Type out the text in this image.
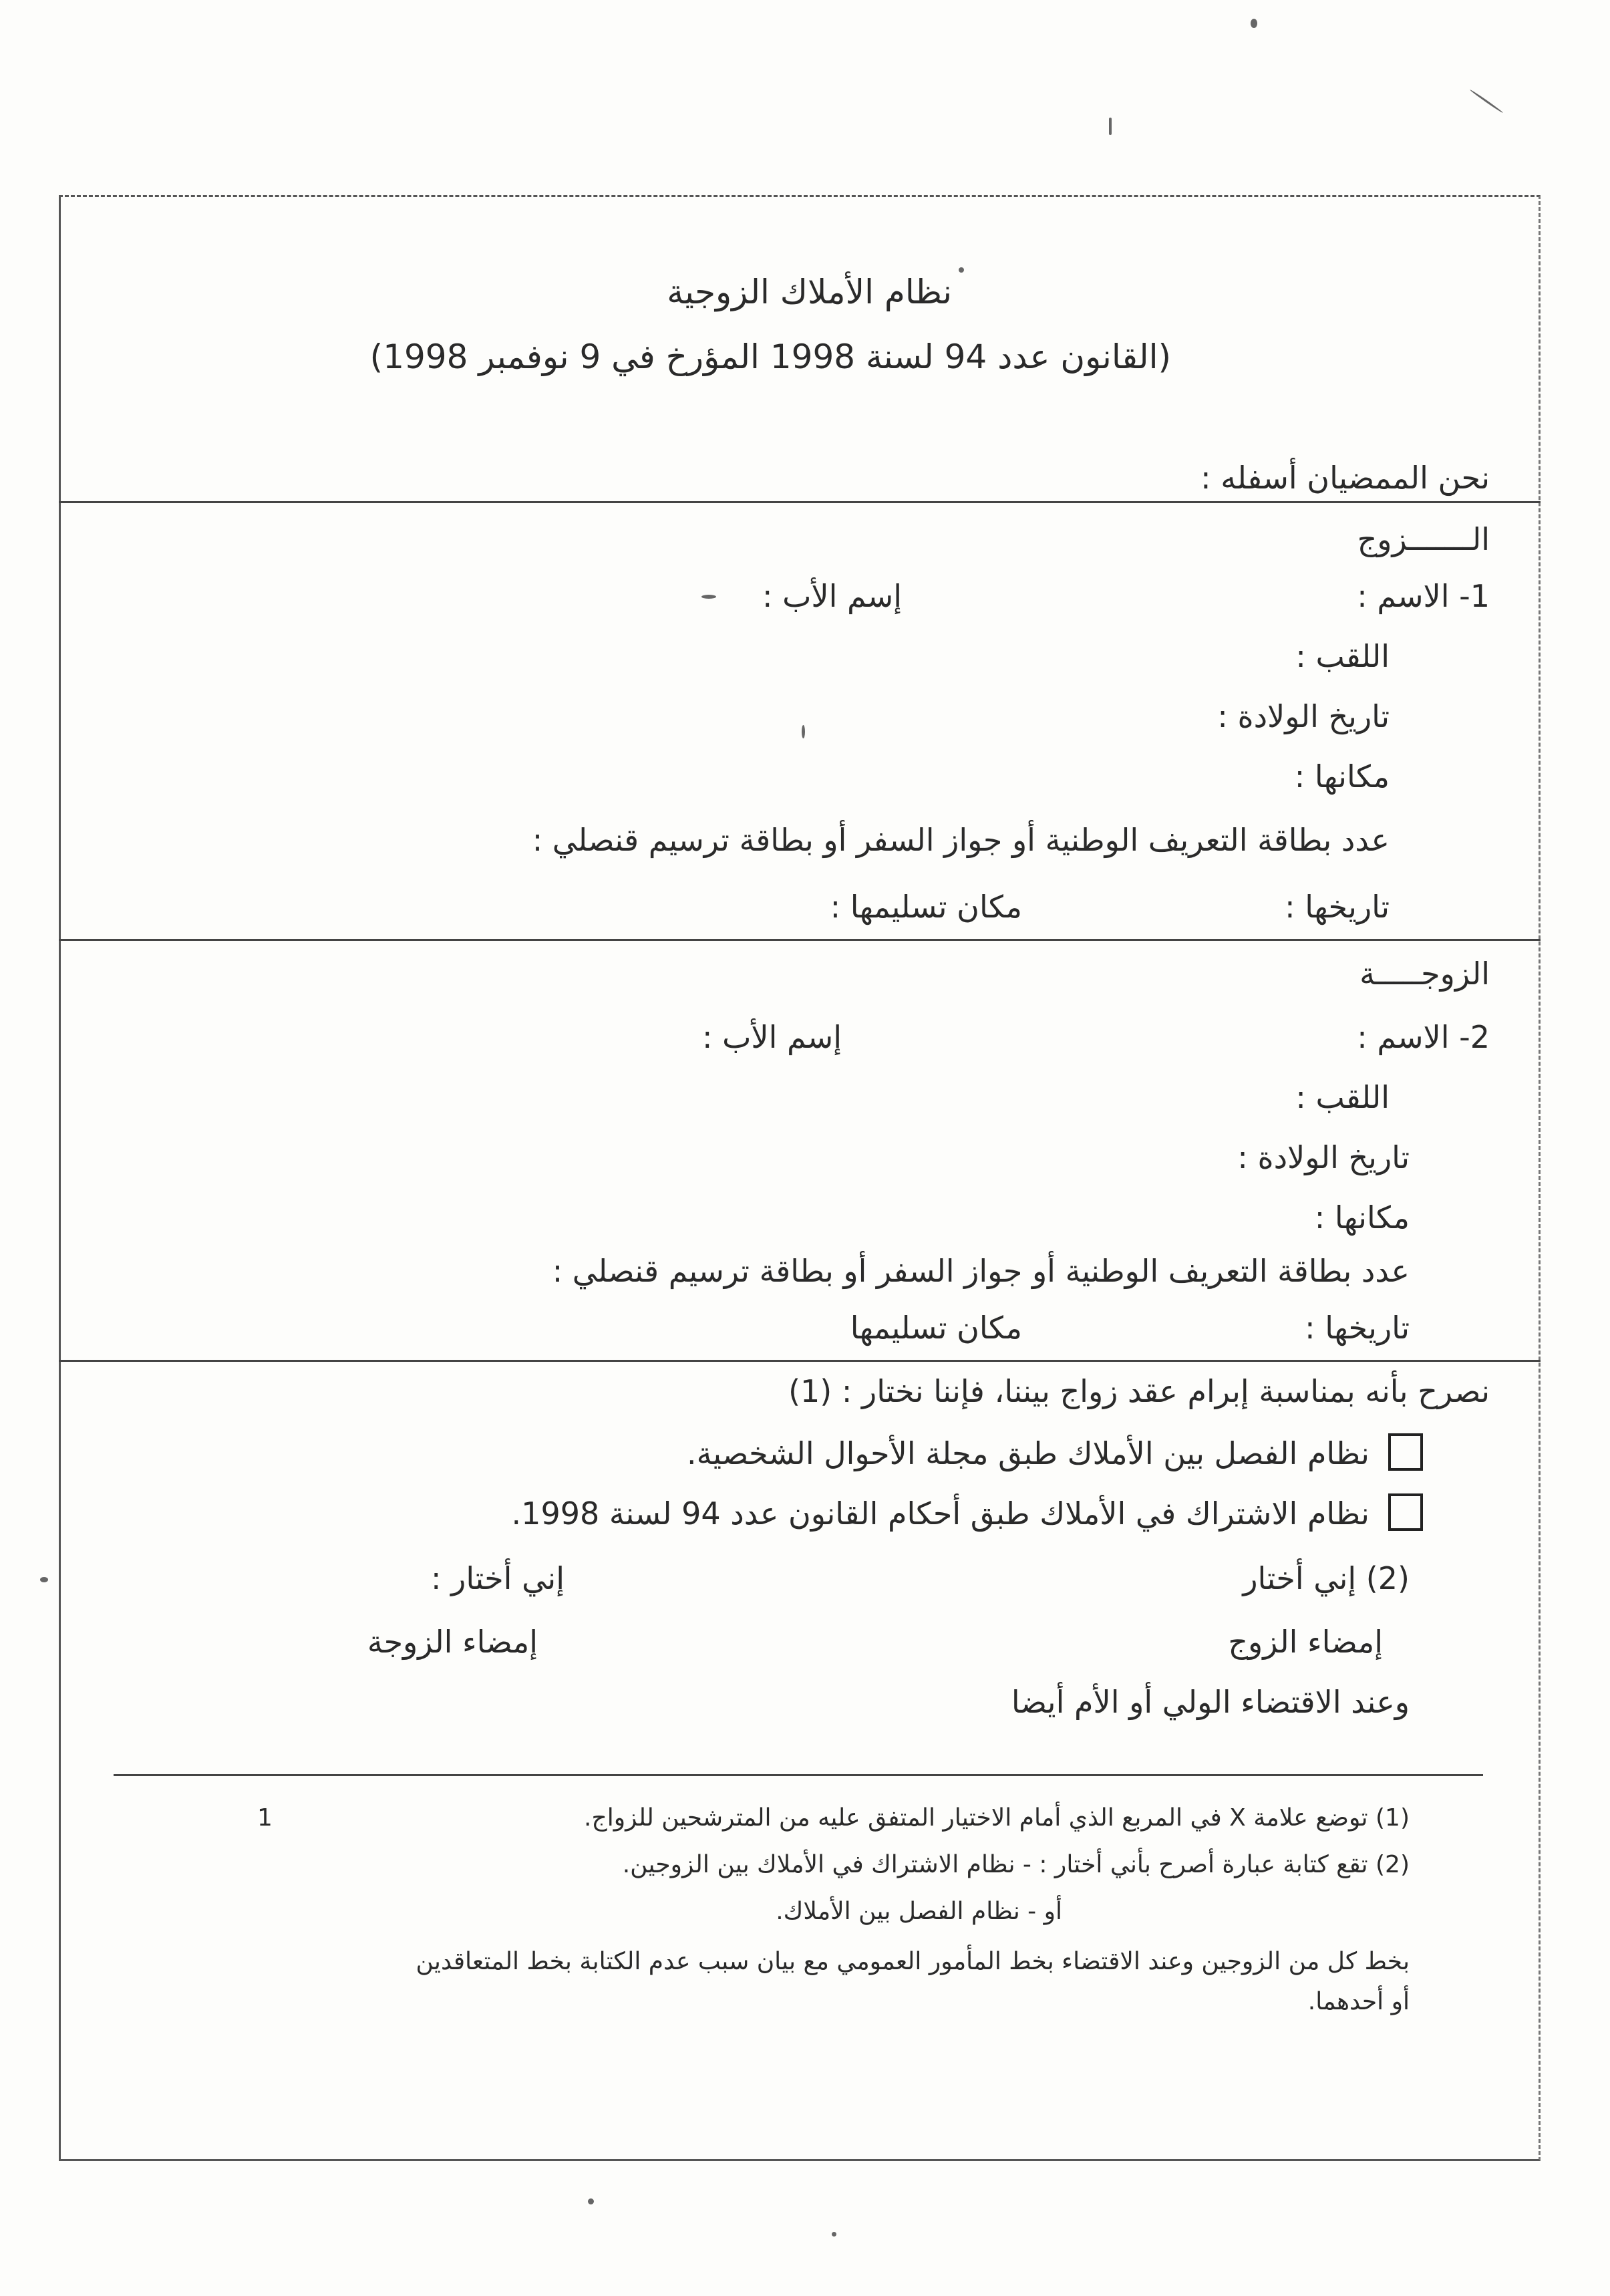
نظام الأملاك الزوجية
(القانون عدد 94 لسنة 1998 المؤرخ في 9 نوفمبر 1998)
نحن الممضيان أسفله :
الـــــــزوج
1- الاسم :
إسم الأب :
اللقب :
تاريخ الولادة :
مكانها :
عدد بطاقة التعريف الوطنية أو جواز السفر أو بطاقة ترسيم قنصلي :
تاريخها :
مكان تسليمها :
الزوجـــــة
2- الاسم :
إسم الأب :
اللقب :
تاريخ الولادة :
مكانها :
عدد بطاقة التعريف الوطنية أو جواز السفر أو بطاقة ترسيم قنصلي :
تاريخها :
مكان تسليمها
نصرح بأنه بمناسبة إبرام عقد زواج بيننا، فإننا نختار : (1)
نظام الفصل بين الأملاك طبق مجلة الأحوال الشخصية.
نظام الاشتراك في الأملاك طبق أحكام القانون عدد 94 لسنة 1998.
(2) إني أختار
إني أختار :
إمضاء الزوج
إمضاء الزوجة
وعند الاقتضاء الولي أو الأم أيضا
(1) توضع علامة X في المربع الذي أمام الاختيار المتفق عليه من المترشحين للزواج.
1
(2) تقع كتابة عبارة أصرح بأني أختار : - نظام الاشتراك في الأملاك بين الزوجين.
أو - نظام الفصل بين الأملاك.
بخط كل من الزوجين وعند الاقتضاء بخط المأمور العمومي مع بيان سبب عدم الكتابة بخط المتعاقدين
أو أحدهما.
